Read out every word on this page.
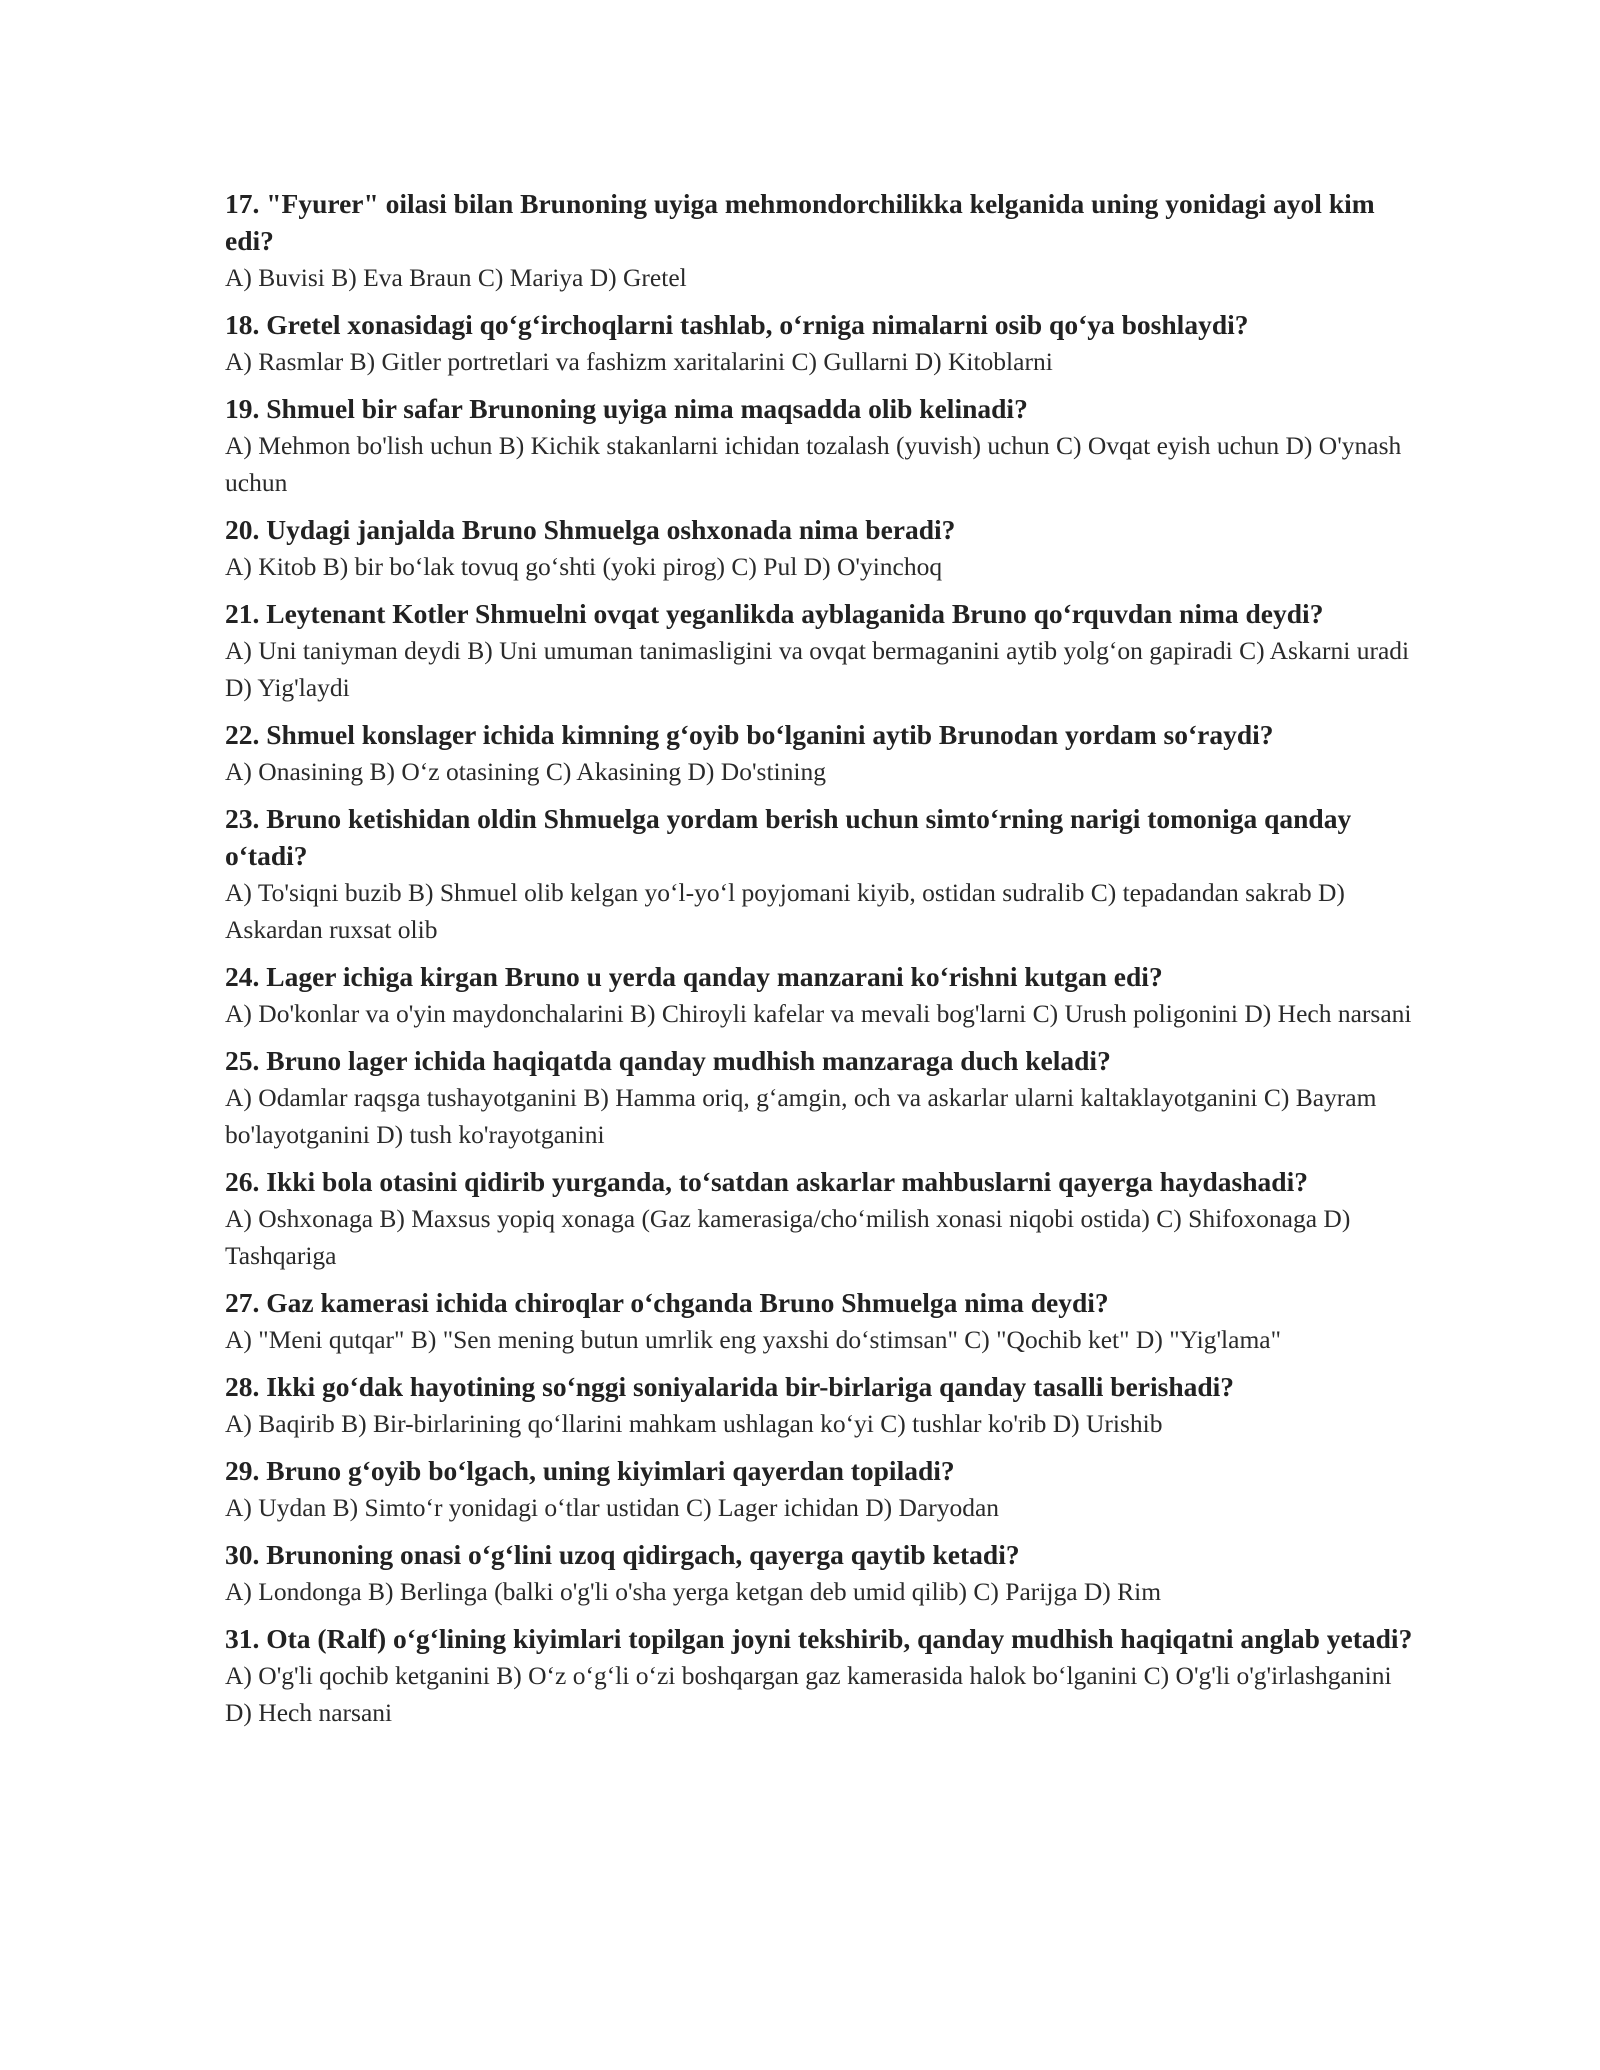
17. "Fyurer" oilasi bilan Brunoning uyiga mehmondorchilikka kelganida uning yonidagi ayol kim edi?
A) Buvisi B) Eva Braun C) Mariya D) Gretel
18. Gretel xonasidagi qo‘g‘irchoqlarni tashlab, o‘rniga nimalarni osib qo‘ya boshlaydi?
A) Rasmlar B) Gitler portretlari va fashizm xaritalarini C) Gullarni D) Kitoblarni
19. Shmuel bir safar Brunoning uyiga nima maqsadda olib kelinadi?
A) Mehmon bo'lish uchun B) Kichik stakanlarni ichidan tozalash (yuvish) uchun C) Ovqat eyish uchun D) O'ynash uchun
20. Uydagi janjalda Bruno Shmuelga oshxonada nima beradi?
A) Kitob B) bir bo‘lak tovuq go‘shti (yoki pirog) C) Pul D) O'yinchoq
21. Leytenant Kotler Shmuelni ovqat yeganlikda ayblaganida Bruno qo‘rquvdan nima deydi?
A) Uni taniyman deydi B) Uni umuman tanimasligini va ovqat bermaganini aytib yolg‘on gapiradi C) Askarni uradi D) Yig'laydi
22. Shmuel konslager ichida kimning g‘oyib bo‘lganini aytib Brunodan yordam so‘raydi?
A) Onasining B) O‘z otasining C) Akasining D) Do'stining
23. Bruno ketishidan oldin Shmuelga yordam berish uchun simto‘rning narigi tomoniga qanday o‘tadi?
A) To'siqni buzib B) Shmuel olib kelgan yo‘l-yo‘l poyjomani kiyib, ostidan sudralib C) tepadandan sakrab D) Askardan ruxsat olib
24. Lager ichiga kirgan Bruno u yerda qanday manzarani ko‘rishni kutgan edi?
A) Do'konlar va o'yin maydonchalarini B) Chiroyli kafelar va mevali bog'larni C) Urush poligonini D) Hech narsani
25. Bruno lager ichida haqiqatda qanday mudhish manzaraga duch keladi?
A) Odamlar raqsga tushayotganini B) Hamma oriq, g‘amgin, och va askarlar ularni kaltaklayotganini C) Bayram bo'layotganini D) tush ko'rayotganini
26. Ikki bola otasini qidirib yurganda, to‘satdan askarlar mahbuslarni qayerga haydashadi?
A) Oshxonaga B) Maxsus yopiq xonaga (Gaz kamerasiga/cho‘milish xonasi niqobi ostida) C) Shifoxonaga D) Tashqariga
27. Gaz kamerasi ichida chiroqlar o‘chganda Bruno Shmuelga nima deydi?
A) "Meni qutqar" B) "Sen mening butun umrlik eng yaxshi do‘stimsan" C) "Qochib ket" D) "Yig'lama"
28. Ikki go‘dak hayotining so‘nggi soniyalarida bir-birlariga qanday tasalli berishadi?
A) Baqirib B) Bir-birlarining qo‘llarini mahkam ushlagan ko‘yi C) tushlar ko'rib D) Urishib
29. Bruno g‘oyib bo‘lgach, uning kiyimlari qayerdan topiladi?
A) Uydan B) Simto‘r yonidagi o‘tlar ustidan C) Lager ichidan D) Daryodan
30. Brunoning onasi o‘g‘lini uzoq qidirgach, qayerga qaytib ketadi?
A) Londonga B) Berlinga (balki o'g'li o'sha yerga ketgan deb umid qilib) C) Parijga D) Rim
31. Ota (Ralf) o‘g‘lining kiyimlari topilgan joyni tekshirib, qanday mudhish haqiqatni anglab yetadi?
A) O'g'li qochib ketganini B) O‘z o‘g‘li o‘zi boshqargan gaz kamerasida halok bo‘lganini C) O'g'li o'g'irlashganini D) Hech narsani
